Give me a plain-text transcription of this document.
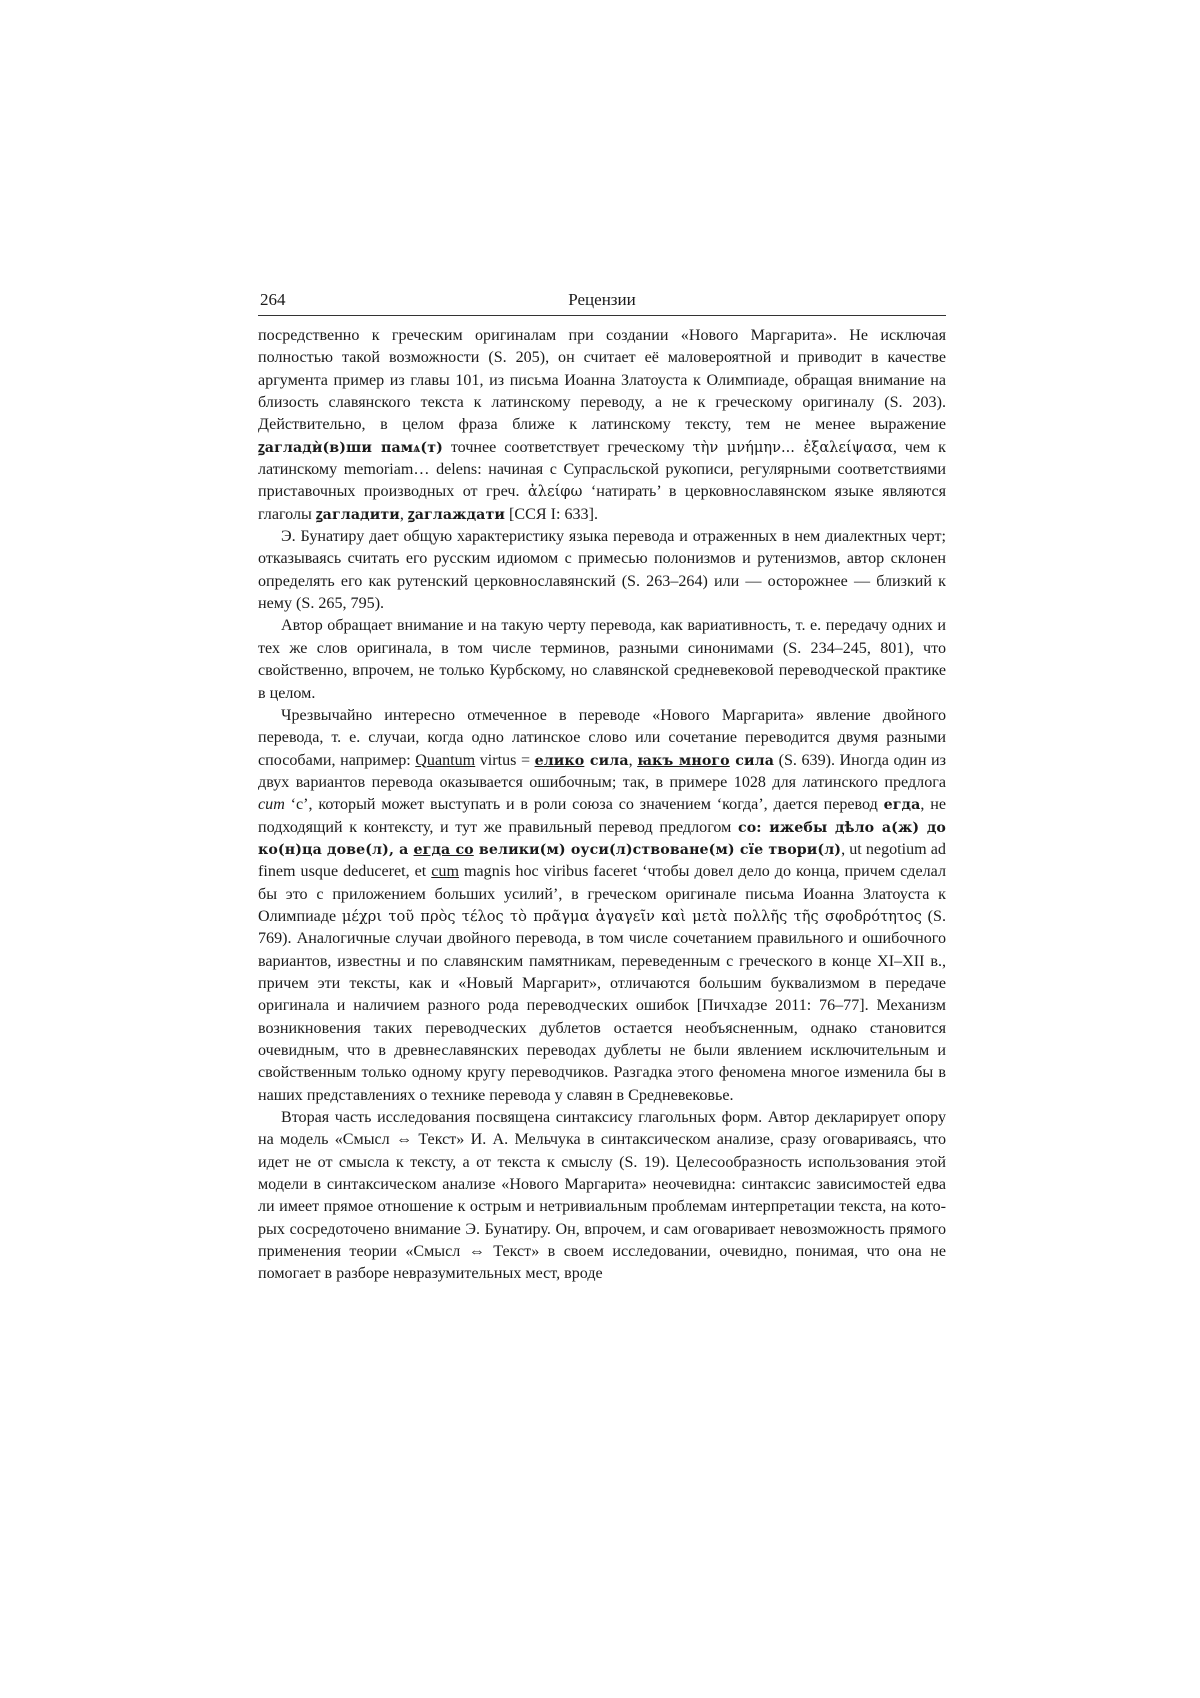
264	Рецензии

посредственно к греческим оригиналам при создании «Нового Маргарита». Не исключая полностью такой возможности (S. 205), он считает её маловероятной и приводит в качестве аргумента пример из главы 101, из письма Иоанна Златоуста к Олимпиаде, обращая внимание на близость славянского текста к латинскому переводу, а не к греческому оригиналу (S. 203). Действительно, в целом фраза ближе к латинскому тексту, тем не менее выражение ꙁагладѝ(в)ши памѧ(т) точнее соответствует греческому τὴν μνήμην... ἐξαλείψασα, чем к латинскому memoriam… delens: начиная с Супрасльской рукописи, регулярными соответствиями приставочных производных от греч. ἀλείφω ‘натирать’ в церковнославянском языке являются глаголы ꙁагладити, ꙁаглаждати [ССЯ I: 633].

Э. Бунатиру дает общую характеристику языка перевода и отраженных в нем диалектных черт; отказываясь считать его русским идиомом с примесью полонизмов и рутенизмов, автор склонен определять его как рутенский церковнославянский (S. 263–264) или — осторожнее — близкий к нему (S. 265, 795).

Автор обращает внимание и на такую черту перевода, как вариативность, т. е. передачу одних и тех же слов оригинала, в том числе терминов, разными синонимами (S. 234–245, 801), что свойственно, впрочем, не только Курбскому, но славянской средневековой переводческой практике в целом.

Чрезвычайно интересно отмеченное в переводе «Нового Маргарита» явление двойного перевода, т. е. случаи, когда одно латинское слово или сочетание переводится двумя разными способами, например: Quantum virtus = елико сила, ꙗкъ много сила (S. 639). Иногда один из двух вариантов перевода оказывается ошибочным; так, в примере 1028 для латинского предлога cum ‘с’, который может выступать и в роли союза со значением ‘когда’, дается перевод егда, не подходящий к контексту, и тут же правильный перевод предлогом со: ижебы дѣло а(ж) до ко(н)ца дове(л), а егда со велики(м) оуси(л)ствоване(м) сїе твори(л), ut negotium ad finem usque deduceret, et cum magnis hoc viribus faceret ‘чтобы довел дело до конца, причем сделал бы это с приложением больших усилий’, в греческом оригинале письма Иоанна Златоуста к Олимпиаде μέχρι τοῦ πρὸς τέλος τὸ πρᾶγμα ἀγαγεῖν καὶ μετὰ πολλῆς τῆς σφοδρότητος (S. 769). Аналогичные случаи двойного перевода, в том числе сочетанием правильного и ошибочного вариантов, известны и по славянским памятникам, переведенным с греческого в конце XI–XII в., причем эти тексты, как и «Новый Маргарит», отличаются большим буквализмом в передаче оригинала и наличием разного рода переводческих ошибок [Пичхадзе 2011: 76–77]. Механизм возникновения таких переводческих дублетов остается необъясненным, однако становится очевидным, что в древнеславянских переводах дублеты не были явлением исключительным и свойственным только одному кругу переводчиков. Разгадка этого феномена многое изменила бы в наших представлениях о технике перевода у славян в Средневековье.

Вторая часть исследования посвящена синтаксису глагольных форм. Автор декларирует опору на модель «Смысл ⇔ Текст» И. А. Мельчука в синтаксическом анализе, сразу оговариваясь, что идет не от смысла к тексту, а от текста к смыслу (S. 19). Целесообразность использования этой модели в синтаксическом анализе «Нового Маргарита» неочевидна: синтаксис зависимостей едва ли имеет прямое отношение к острым и нетривиальным проблемам интерпретации текста, на которых сосредоточено внимание Э. Бунатиру. Он, впрочем, и сам оговаривает невозможность прямого применения теории «Смысл ⇔ Текст» в своем исследовании, очевидно, понимая, что она не помогает в разборе невразумительных мест, вроде
